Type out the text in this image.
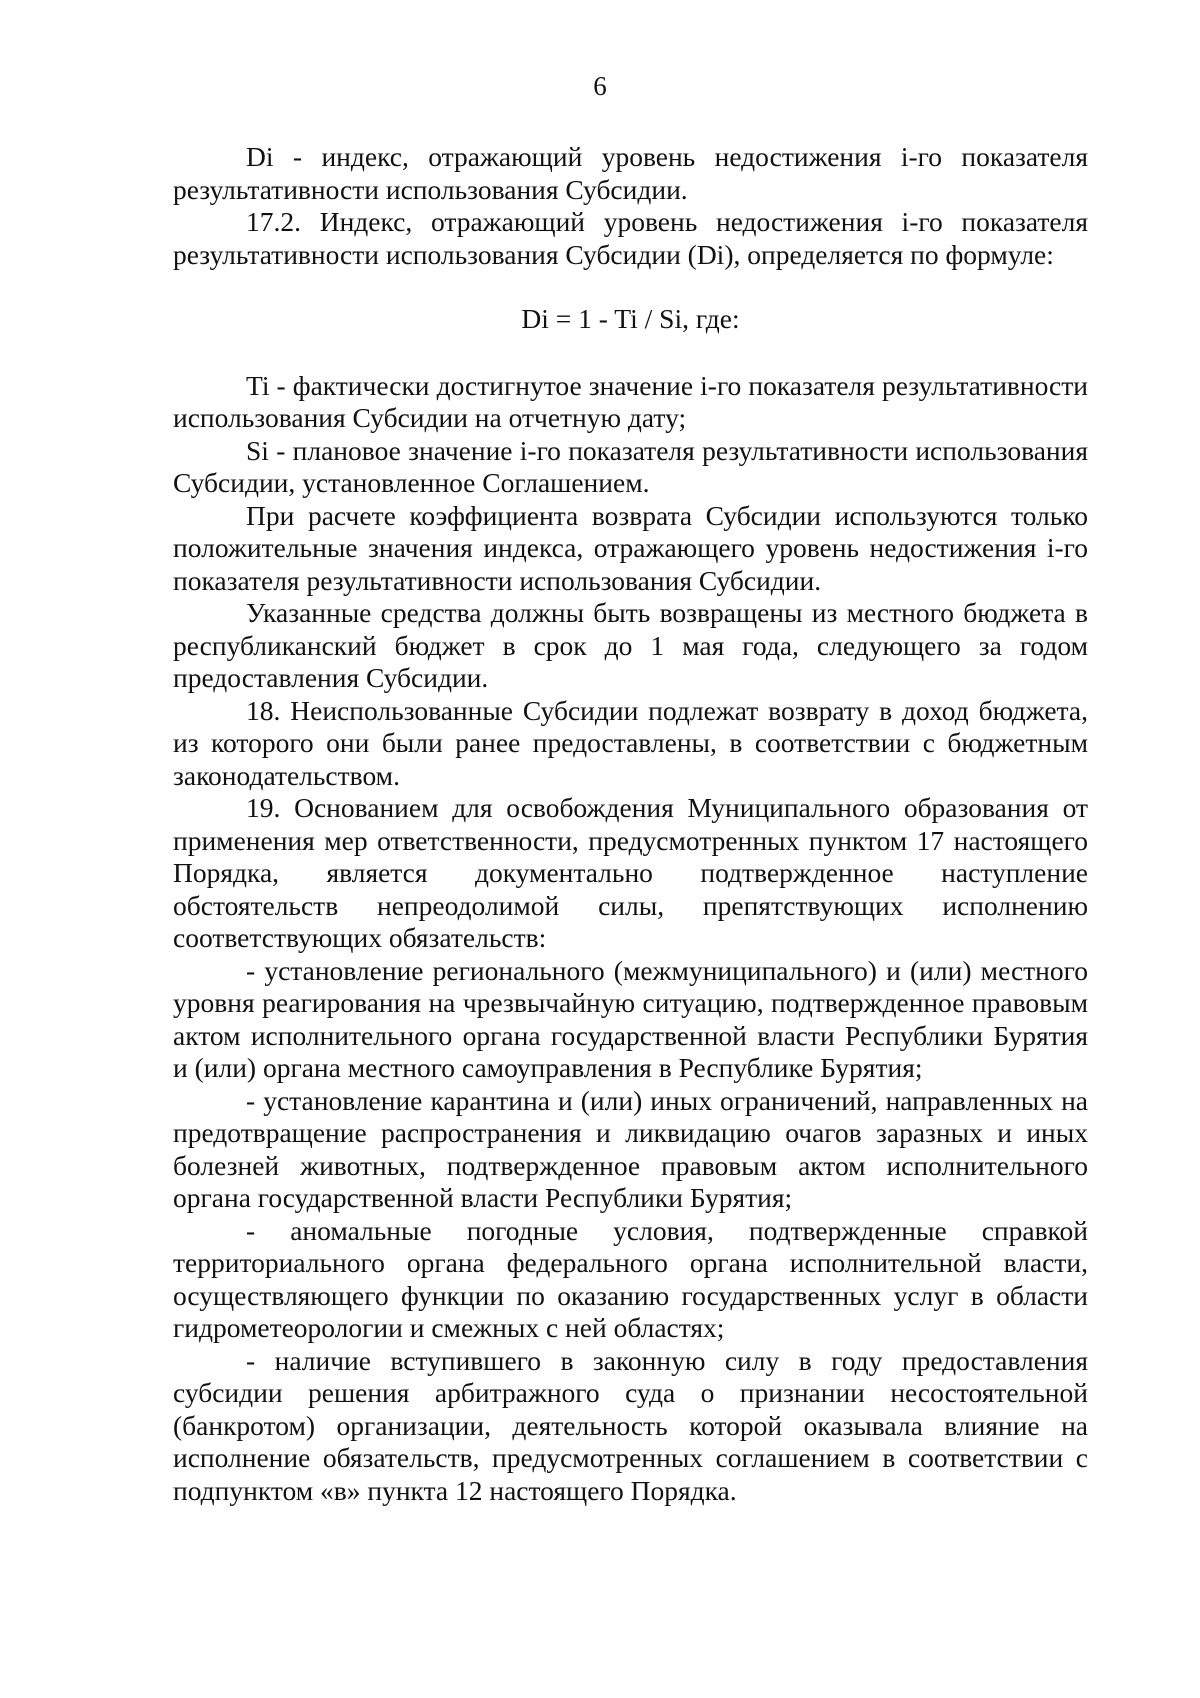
6

Di - индекс, отражающий уровень недостижения i-го показателя результативности использования Субсидии.

17.2. Индекс, отражающий уровень недостижения i-го показателя результативности использования Субсидии (Di), определяется по формуле:

Di = 1 - Ti / Si, где:

Ti - фактически достигнутое значение i-го показателя результативности использования Субсидии на отчетную дату;

Si - плановое значение i-го показателя результативности использования Субсидии, установленное Соглашением.

При расчете коэффициента возврата Субсидии используются только положительные значения индекса, отражающего уровень недостижения i-го показателя результативности использования Субсидии.

Указанные средства должны быть возвращены из местного бюджета в республиканский бюджет в срок до 1 мая года, следующего за годом предоставления Субсидии.

18. Неиспользованные Субсидии подлежат возврату в доход бюджета, из которого они были ранее предоставлены, в соответствии с бюджетным законодательством.

19. Основанием для освобождения Муниципального образования от применения мер ответственности, предусмотренных пунктом 17 настоящего Порядка, является документально подтвержденное наступление обстоятельств непреодолимой силы, препятствующих исполнению соответствующих обязательств:

- установление регионального (межмуниципального) и (или) местного уровня реагирования на чрезвычайную ситуацию, подтвержденное правовым актом исполнительного органа государственной власти Республики Бурятия и (или) органа местного самоуправления в Республике Бурятия;

- установление карантина и (или) иных ограничений, направленных на предотвращение распространения и ликвидацию очагов заразных и иных болезней животных, подтвержденное правовым актом исполнительного органа государственной власти Республики Бурятия;

- аномальные погодные условия, подтвержденные справкой территориального органа федерального органа исполнительной власти, осуществляющего функции по оказанию государственных услуг в области гидрометеорологии и смежных с ней областях;

- наличие вступившего в законную силу в году предоставления субсидии решения арбитражного суда о признании несостоятельной (банкротом) организации, деятельность которой оказывала влияние на исполнение обязательств, предусмотренных соглашением в соответствии с подпунктом «в» пункта 12 настоящего Порядка.
